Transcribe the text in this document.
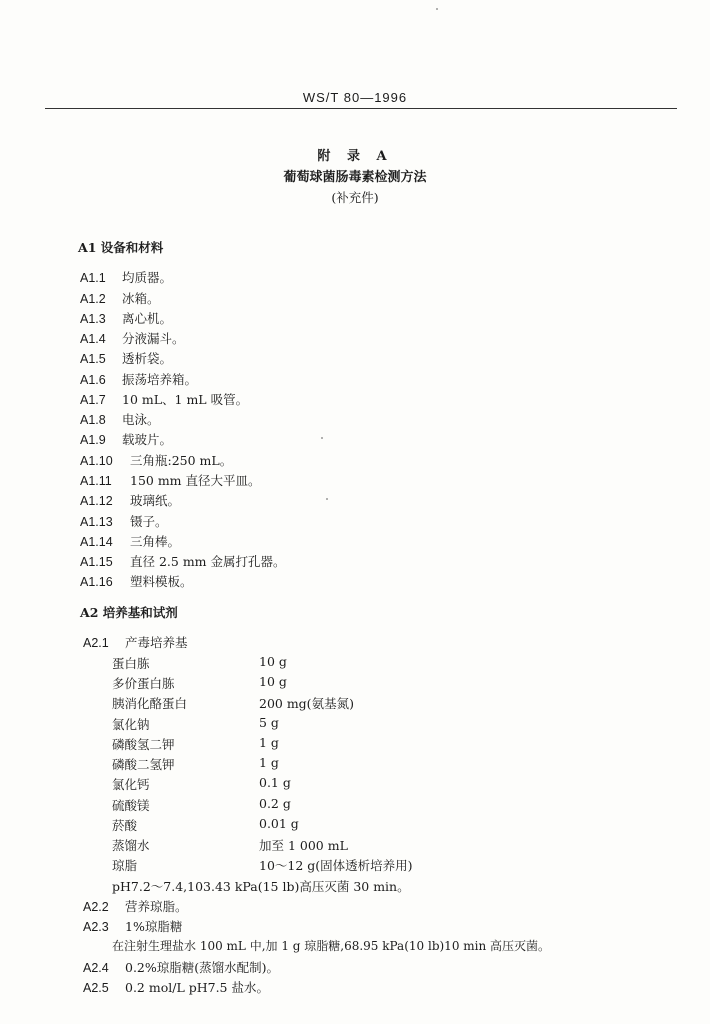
WS/T 80—1996
附 录 A
葡萄球菌肠毒素检测方法
(补充件)
A1 设备和材料
A1.1 均质器。
A1.2 冰箱。
A1.3 离心机。
A1.4 分液漏斗。
A1.5 透析袋。
A1.6 振荡培养箱。
A1.7 10 mL、1 mL 吸管。
A1.8 电泳。
A1.9 载玻片。
A1.10 三角瓶:250 mL。
A1.11 150 mm 直径大平皿。
A1.12 玻璃纸。
A1.13 镊子。
A1.14 三角棒。
A1.15 直径 2.5 mm 金属打孔器。
A1.16 塑料模板。
A2 培养基和试剂
A2.1 产毒培养基
蛋白胨	10 g
多价蛋白胨	10 g
胰消化酪蛋白	200 mg(氨基氮)
氯化钠	5 g
磷酸氢二钾	1 g
磷酸二氢钾	1 g
氯化钙	0.1 g
硫酸镁	0.2 g
菸酸	0.01 g
蒸馏水	加至 1 000 mL
琼脂	10～12 g(固体透析培养用)
pH7.2～7.4,103.43 kPa(15 lb)高压灭菌 30 min。
A2.2 营养琼脂。
A2.3 1%琼脂糖
在注射生理盐水 100 mL 中,加 1 g 琼脂糖,68.95 kPa(10 lb)10 min 高压灭菌。
A2.4 0.2%琼脂糖(蒸馏水配制)。
A2.5 0.2 mol/L pH7.5 盐水。
